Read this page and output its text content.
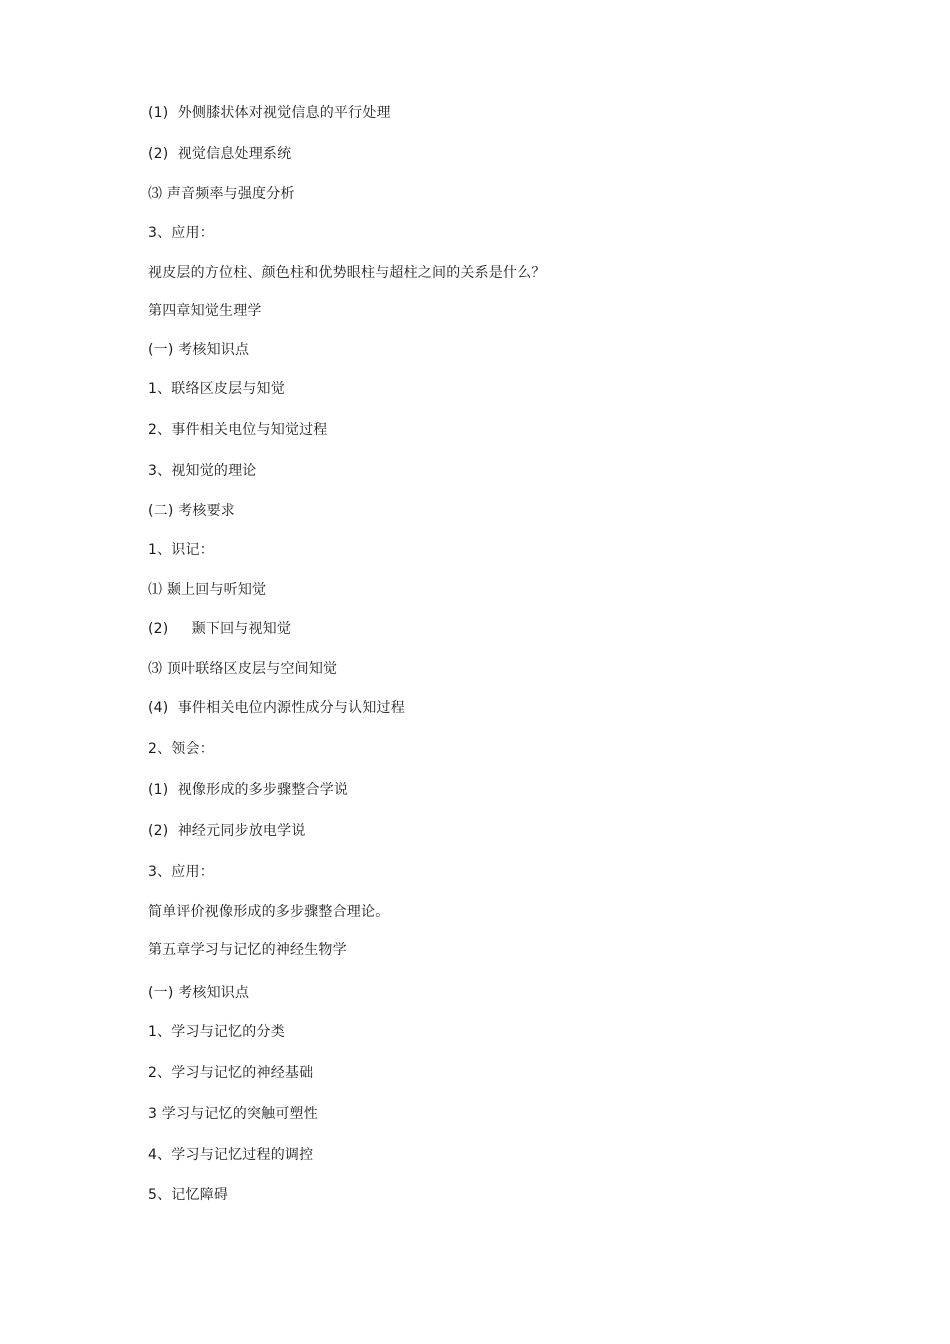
(1)  外侧膝状体对视觉信息的平行处理
(2)  视觉信息处理系统
⑶ 声音频率与强度分析
3、应用：
视皮层的方位柱、颜色柱和优势眼柱与超柱之间的关系是什么？
第四章知觉生理学
(一) 考核知识点
1、联络区皮层与知觉
2、事件相关电位与知觉过程
3、视知觉的理论
(二) 考核要求
1、识记：
⑴ 颞上回与听知觉
(2)     颞下回与视知觉
⑶ 顶叶联络区皮层与空间知觉
(4)  事件相关电位内源性成分与认知过程
2、领会：
(1)  视像形成的多步骤整合学说
(2)  神经元同步放电学说
3、应用：
简单评价视像形成的多步骤整合理论。
第五章学习与记忆的神经生物学
(一) 考核知识点
1、学习与记忆的分类
2、学习与记忆的神经基础
3 学习与记忆的突触可塑性
4、学习与记忆过程的调控
5、记忆障碍
